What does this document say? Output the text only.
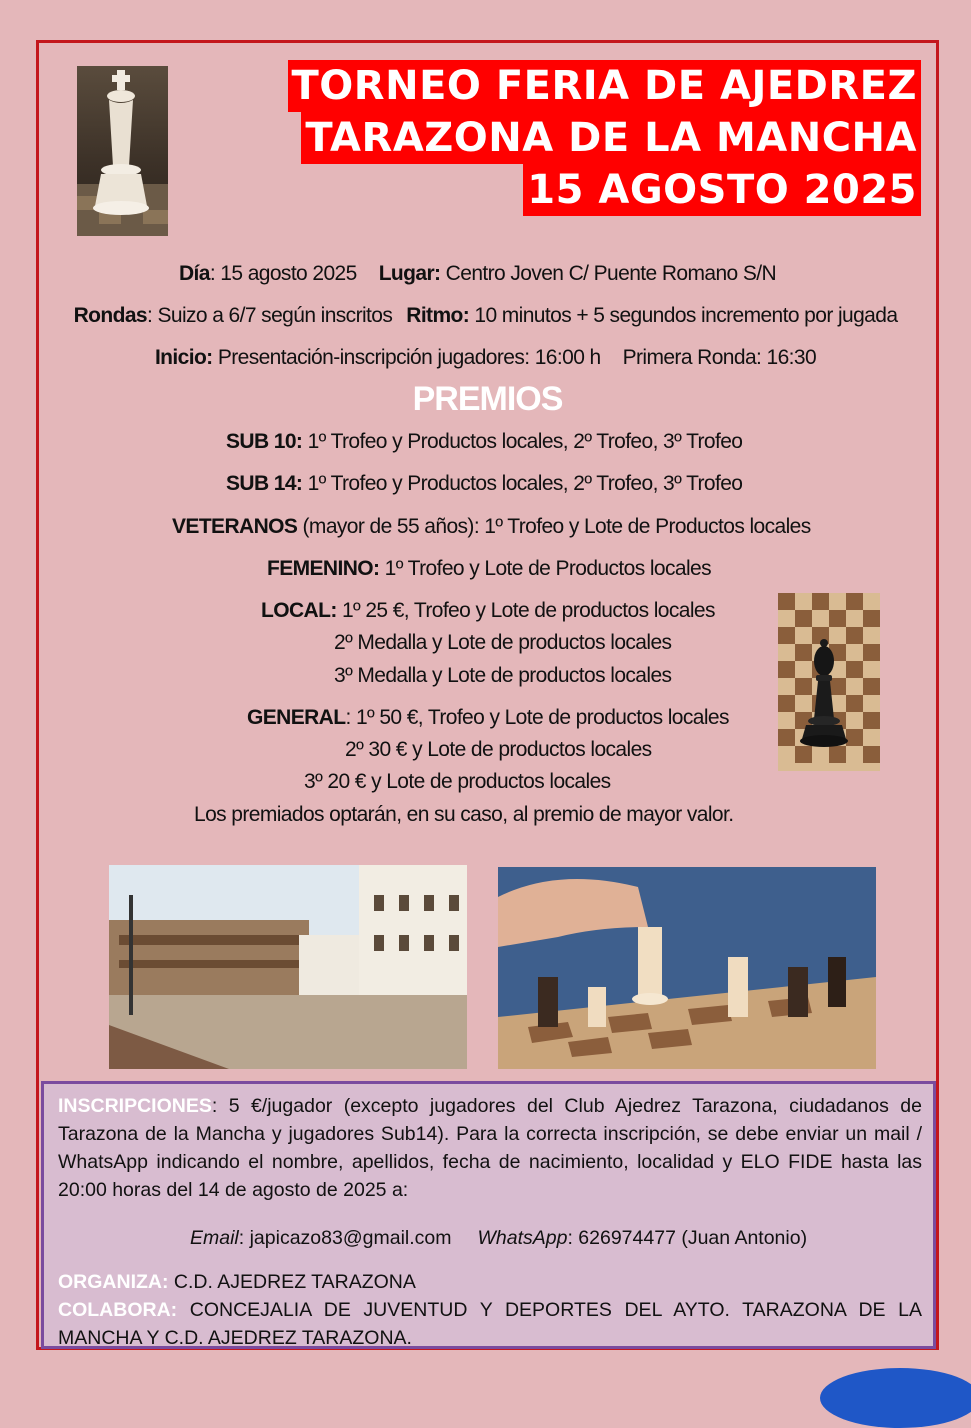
TORNEO FERIA DE AJEDREZ
TARAZONA DE LA MANCHA
15 AGOSTO 2025
Día: 15 agosto 2025 Lugar: Centro Joven C/ Puente Romano S/N
Rondas: Suizo a 6/7 según inscritos Ritmo: 10 minutos + 5 segundos incremento por jugada
Inicio: Presentación-inscripción jugadores: 16:00 h Primera Ronda: 16:30
PREMIOS
SUB 10: 1º Trofeo y Productos locales, 2º Trofeo, 3º Trofeo
SUB 14: 1º Trofeo y Productos locales, 2º Trofeo, 3º Trofeo
VETERANOS (mayor de 55 años): 1º Trofeo y Lote de Productos locales
FEMENINO: 1º Trofeo y Lote de Productos locales
LOCAL: 1º 25 €, Trofeo y Lote de productos locales
2º Medalla y Lote de productos locales
3º Medalla y Lote de productos locales
GENERAL: 1º 50 €, Trofeo y Lote de productos locales
2º 30 € y Lote de productos locales
3º 20 € y Lote de productos locales
Los premiados optarán, en su caso, al premio de mayor valor.
INSCRIPCIONES: 5 €/jugador (excepto jugadores del Club Ajedrez Tarazona, ciudadanos de Tarazona de la Mancha y jugadores Sub14). Para la correcta inscripción, se debe enviar un mail / WhatsApp indicando el nombre, apellidos, fecha de nacimiento, localidad y ELO FIDE hasta las 20:00 horas del 14 de agosto de 2025 a:
Email: japicazo83@gmail.com WhatsApp: 626974477 (Juan Antonio)
ORGANIZA: C.D. AJEDREZ TARAZONA
COLABORA: CONCEJALIA DE JUVENTUD Y DEPORTES DEL AYTO. TARAZONA DE LA MANCHA Y C.D. AJEDREZ TARAZONA.
